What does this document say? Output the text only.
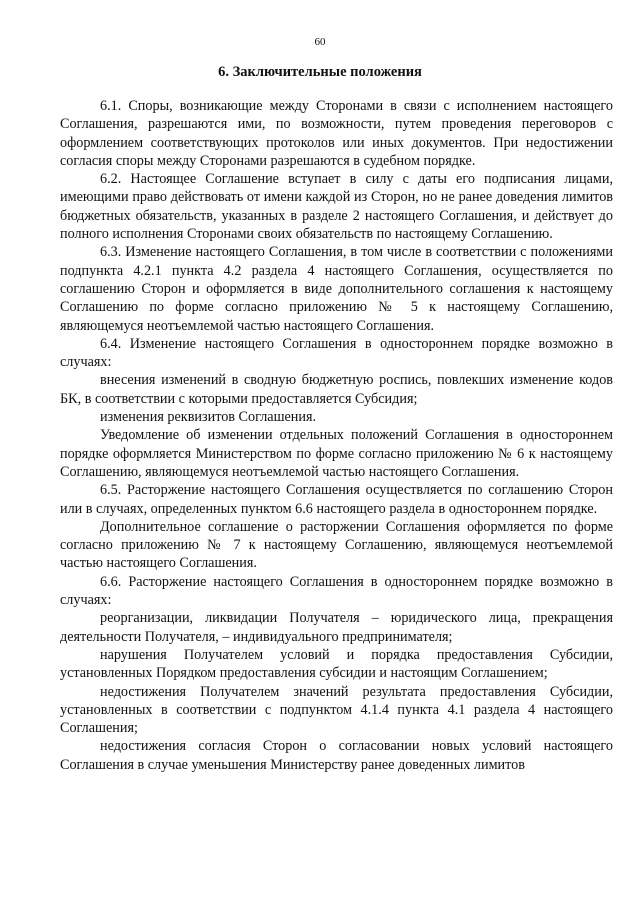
60
6. Заключительные положения

6.1. Споры, возникающие между Сторонами в связи с исполнением настоящего Соглашения, разрешаются ими, по возможности, путем проведения переговоров с оформлением соответствующих протоколов или иных документов. При недостижении согласия споры между Сторонами разрешаются в судебном порядке.

6.2. Настоящее Соглашение вступает в силу с даты его подписания лицами, имеющими право действовать от имени каждой из Сторон, но не ранее доведения лимитов бюджетных обязательств, указанных в разделе 2 настоящего Соглашения, и действует до полного исполнения Сторонами своих обязательств по настоящему Соглашению.

6.3. Изменение настоящего Соглашения, в том числе в соответствии с положениями подпункта 4.2.1 пункта 4.2 раздела 4 настоящего Соглашения, осуществляется по соглашению Сторон и оформляется в виде дополнительного соглашения к настоящему Соглашению по форме согласно приложению № 5 к настоящему Соглашению, являющемуся неотъемлемой частью настоящего Соглашения.

6.4. Изменение настоящего Соглашения в одностороннем порядке возможно в случаях:

внесения изменений в сводную бюджетную роспись, повлекших изменение кодов БК, в соответствии с которыми предоставляется Субсидия;

изменения реквизитов Соглашения.

Уведомление об изменении отдельных положений Соглашения в одностороннем порядке оформляется Министерством по форме согласно приложению № 6 к настоящему Соглашению, являющемуся неотъемлемой частью настоящего Соглашения.

6.5. Расторжение настоящего Соглашения осуществляется по соглашению Сторон или в случаях, определенных пунктом 6.6 настоящего раздела в одностороннем порядке.

Дополнительное соглашение о расторжении Соглашения оформляется по форме согласно приложению № 7 к настоящему Соглашению, являющемуся неотъемлемой частью настоящего Соглашения.

6.6. Расторжение настоящего Соглашения в одностороннем порядке возможно в случаях:

реорганизации, ликвидации Получателя – юридического лица, прекращения деятельности Получателя, – индивидуального предпринимателя;

нарушения Получателем условий и порядка предоставления Субсидии, установленных Порядком предоставления субсидии и настоящим Соглашением;

недостижения Получателем значений результата предоставления Субсидии, установленных в соответствии с подпунктом 4.1.4 пункта 4.1 раздела 4 настоящего Соглашения;

недостижения согласия Сторон о согласовании новых условий настоящего Соглашения в случае уменьшения Министерству ранее доведенных лимитов
